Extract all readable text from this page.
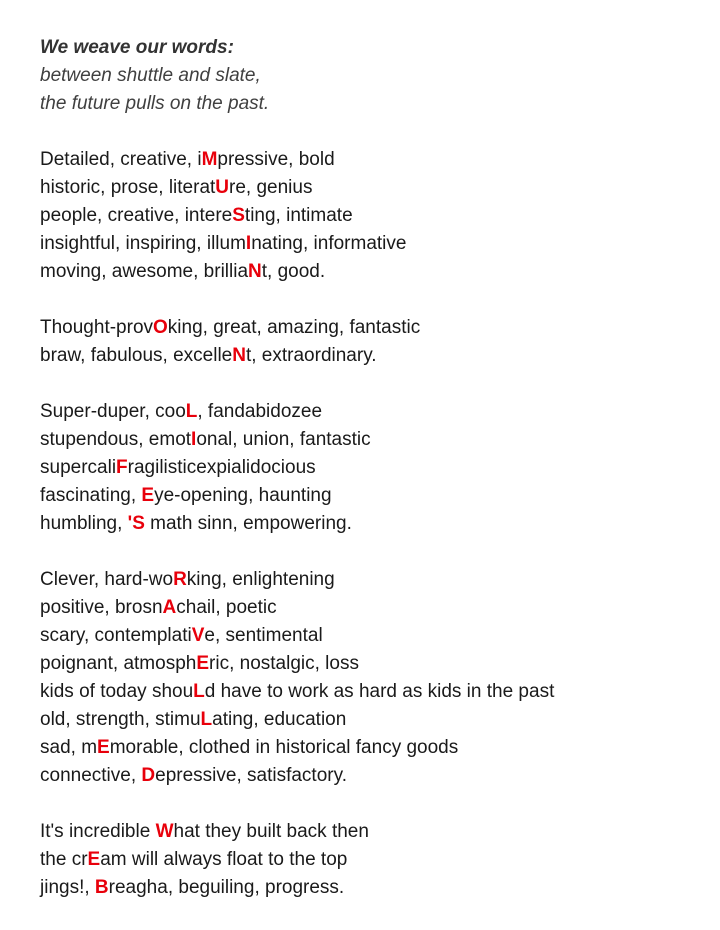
We weave our words:
between shuttle and slate,
the future pulls on the past.
Detailed, creative, iMpressive, bold
historic, prose, literatUre, genius
people, creative, intereSting, intimate
insightful, inspiring, illumInating, informative
moving, awesome, brilliaNt, good.
Thought-provOking, great, amazing, fantastic
braw, fabulous, excelleNt, extraordinary.
Super-duper, cooL, fandabidozee
stupendous, emotIonal, union, fantastic
supercaliFragilisticexpialidocious
fascinating, Eye-opening, haunting
humbling, 'S math sinn, empowering.
Clever, hard-woRking, enlightening
positive, brosnAchail, poetic
scary, contemplatiVe, sentimental
poignant, atmosphEric, nostalgic, loss
kids of today shouLd have to work as hard as kids in the past
old, strength, stimuLating, education
sad, mEmorable, clothed in historical fancy goods
connective, Depressive, satisfactory.
It's incredible What they built back then
the crEam will always float to the top
jings!, Breagha, beguiling, progress.
